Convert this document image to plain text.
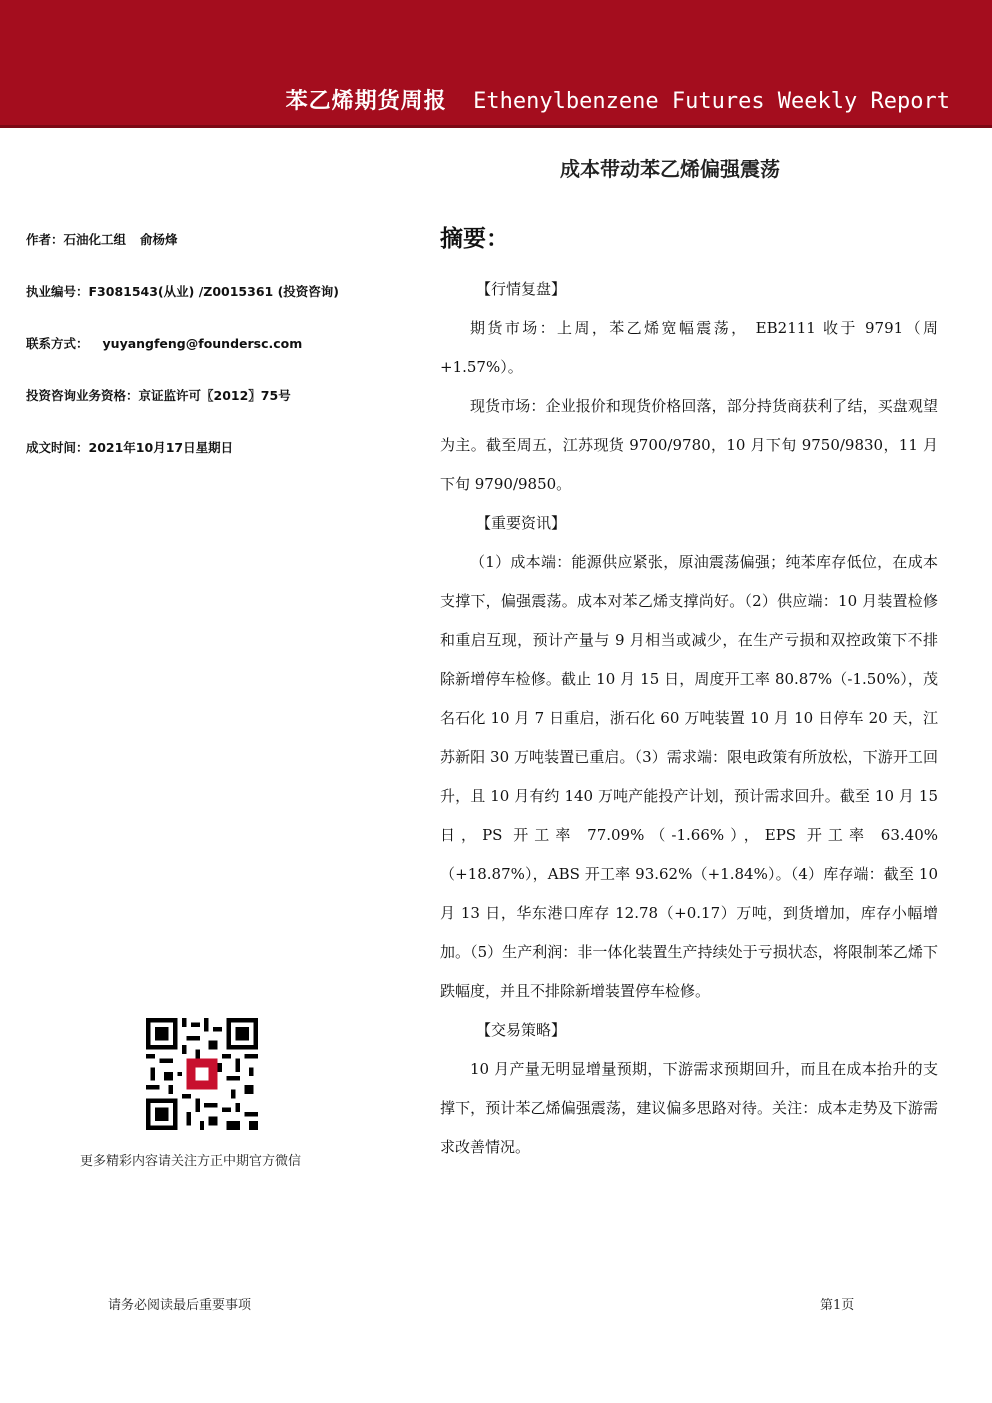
苯乙烯期货周报 Ethenylbenzene Futures Weekly Report
成本带动苯乙烯偏强震荡
作者：石油化工组 俞杨烽
执业编号：F3081543(从业) /Z0015361 (投资咨询)
联系方式： yuyangfeng@foundersc.com
投资咨询业务资格：京证监许可〖2012〗75号
成文时间：2021年10月17日星期日
摘要：
【行情复盘】

期货市场：上周，苯乙烯宽幅震荡， EB2111 收于 9791（周+1.57%）。

现货市场：企业报价和现货价格回落，部分持货商获利了结，买盘观望为主。截至周五，江苏现货 9700/9780，10 月下旬 9750/9830，11 月下旬 9790/9850。

【重要资讯】

（1）成本端：能源供应紧张，原油震荡偏强；纯苯库存低位，在成本支撑下，偏强震荡。成本对苯乙烯支撑尚好。（2）供应端：10 月装置检修和重启互现，预计产量与 9 月相当或减少，在生产亏损和双控政策下不排除新增停车检修。截止 10 月 15 日，周度开工率 80.87%（-1.50%），茂名石化 10 月 7 日重启，浙石化 60 万吨装置 10 月 10 日停车 20 天，江苏新阳 30 万吨装置已重启。（3）需求端：限电政策有所放松，下游开工回升，且 10 月有约 140 万吨产能投产计划，预计需求回升。截至 10 月 15 日，PS 开工率 77.09%（-1.66%），EPS 开工率 63.40%（+18.87%），ABS 开工率 93.62%（+1.84%）。（4）库存端：截至 10 月 13 日，华东港口库存 12.78（+0.17）万吨，到货增加，库存小幅增加。（5）生产利润：非一体化装置生产持续处于亏损状态，将限制苯乙烯下跌幅度，并且不排除新增装置停车检修。

【交易策略】

10 月产量无明显增量预期，下游需求预期回升，而且在成本抬升的支撑下，预计苯乙烯偏强震荡，建议偏多思路对待。关注：成本走势及下游需求改善情况。

更多精彩内容请关注方正中期官方微信
请务必阅读最后重要事项	第1页
